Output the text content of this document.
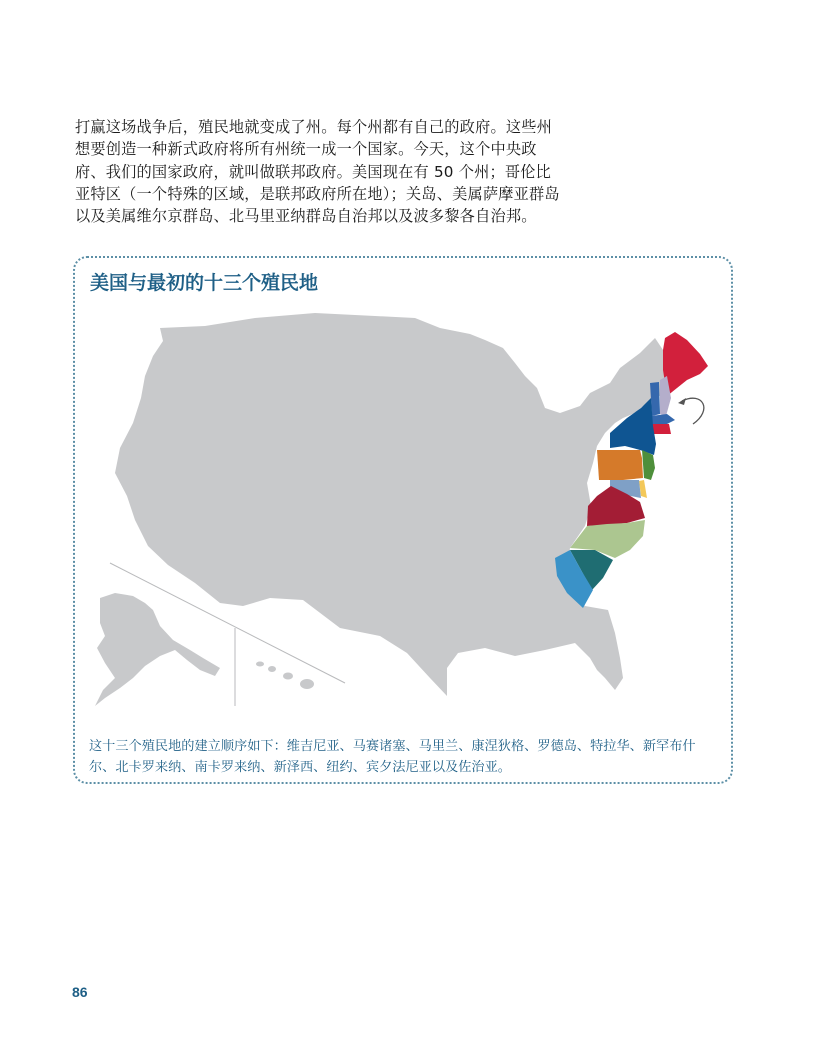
打赢这场战争后，殖民地就变成了州。每个州都有自己的政府。这些州想要创造一种新式政府将所有州统一成一个国家。今天，这个中央政府、我们的国家政府，就叫做联邦政府。美国现在有 50 个州；哥伦比亚特区（一个特殊的区域，是联邦政府所在地）；关岛、美属萨摩亚群岛以及美属维尔京群岛、北马里亚纳群岛自治邦以及波多黎各自治邦。

美国与最初的十三个殖民地

这十三个殖民地的建立顺序如下：维吉尼亚、马赛诸塞、马里兰、康涅狄格、罗德岛、特拉华、新罕布什尔、北卡罗来纳、南卡罗来纳、新泽西、纽约、宾夕法尼亚以及佐治亚。

86
